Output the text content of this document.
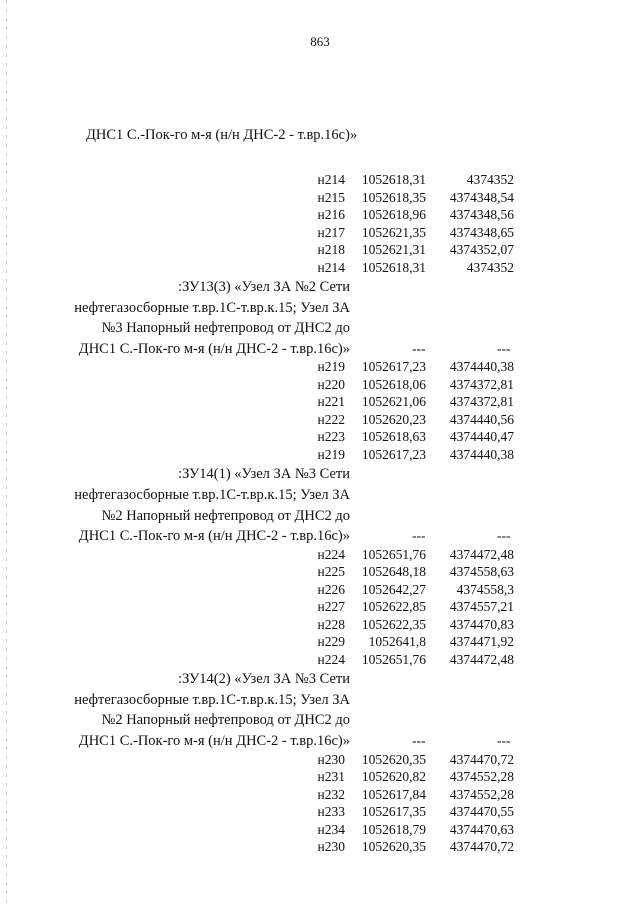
863
ДНС1 С.-Пок-го м-я (н/н ДНС-2 - т.вр.16с)»
н214 1052618,31	4374352
н215 1052618,35 4374348,54
н216 1052618,96 4374348,56
н217 1052621,35 4374348,65
н218 1052621,31 4374352,07
н214 1052618,31	4374352
:ЗУ13(3) «Узел ЗА №2 Сети
нефтегазосборные т.вр.1С-т.вр.к.15; Узел ЗА
№3 Напорный нефтепровод от ДНС2 до
ДНС1 С.-Пок-го м-я (н/н ДНС-2 - т.вр.16с)»	---	---
н219 1052617,23 4374440,38
н220 1052618,06 4374372,81
н221 1052621,06 4374372,81
н222 1052620,23 4374440,56
н223 1052618,63 4374440,47
н219 1052617,23 4374440,38
:ЗУ14(1) «Узел ЗА №3 Сети
нефтегазосборные т.вр.1С-т.вр.к.15; Узел ЗА
№2 Напорный нефтепровод от ДНС2 до
ДНС1 С.-Пок-го м-я (н/н ДНС-2 - т.вр.16с)»	---	---
н224 1052651,76 4374472,48
н225 1052648,18 4374558,63
н226 1052642,27 4374558,3
н227 1052622,85 4374557,21
н228 1052622,35 4374470,83
н229 1052641,8 4374471,92
н224 1052651,76 4374472,48
:ЗУ14(2) «Узел ЗА №3 Сети
нефтегазосборные т.вр.1С-т.вр.к.15; Узел ЗА
№2 Напорный нефтепровод от ДНС2 до
ДНС1 С.-Пок-го м-я (н/н ДНС-2 - т.вр.16с)»	---	---
н230 1052620,35 4374470,72
н231 1052620,82 4374552,28
н232 1052617,84 4374552,28
н233 1052617,35 4374470,55
н234 1052618,79 4374470,63
н230 1052620,35 4374470,72
